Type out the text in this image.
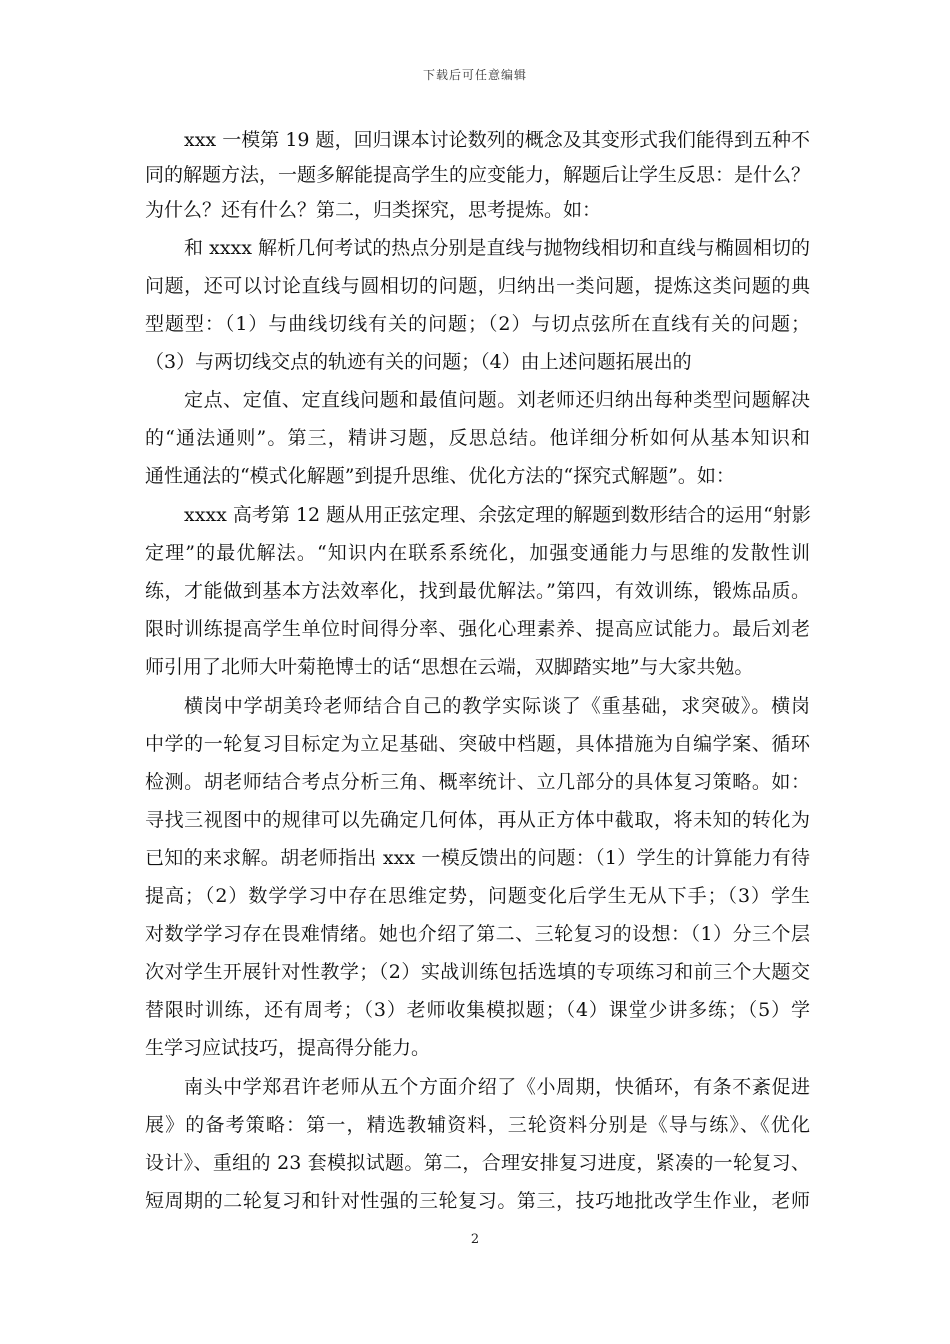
下载后可任意编辑
xxx 一模第 19 题，回归课本讨论数列的概念及其变形式我们能得到五种不
同的解题方法，一题多解能提高学生的应变能力，解题后让学生反思：是什么？
为什么？还有什么？第二，归类探究，思考提炼。如：
和 xxxx 解析几何考试的热点分别是直线与抛物线相切和直线与椭圆相切的
问题，还可以讨论直线与圆相切的问题，归纳出一类问题，提炼这类问题的典
型题型：（1）与曲线切线有关的问题；（2）与切点弦所在直线有关的问题；
（3）与两切线交点的轨迹有关的问题；（4）由上述问题拓展出的
定点、定值、定直线问题和最值问题。刘老师还归纳出每种类型问题解决
的“通法通则”。第三，精讲习题，反思总结。他详细分析如何从基本知识和
通性通法的“模式化解题”到提升思维、优化方法的“探究式解题”。如：
xxxx 高考第 12 题从用正弦定理、余弦定理的解题到数形结合的运用“射影
定理”的最优解法。“知识内在联系系统化，加强变通能力与思维的发散性训
练，才能做到基本方法效率化，找到最优解法。”第四，有效训练，锻炼品质。
限时训练提高学生单位时间得分率、强化心理素养、提高应试能力。最后刘老
师引用了北师大叶菊艳博士的话“思想在云端，双脚踏实地”与大家共勉。
横岗中学胡美玲老师结合自己的教学实际谈了《重基础，求突破》。横岗
中学的一轮复习目标定为立足基础、突破中档题，具体措施为自编学案、循环
检测。胡老师结合考点分析三角、概率统计、立几部分的具体复习策略。如：
寻找三视图中的规律可以先确定几何体，再从正方体中截取，将未知的转化为
已知的来求解。胡老师指出 xxx 一模反馈出的问题：（1）学生的计算能力有待
提高；（2）数学学习中存在思维定势，问题变化后学生无从下手；（3）学生
对数学学习存在畏难情绪。她也介绍了第二、三轮复习的设想：（1）分三个层
次对学生开展针对性教学；（2）实战训练包括选填的专项练习和前三个大题交
替限时训练，还有周考；（3）老师收集模拟题；（4）课堂少讲多练；（5）学
生学习应试技巧，提高得分能力。
南头中学郑君许老师从五个方面介绍了《小周期，快循环，有条不紊促进
展》的备考策略：第一，精选教辅资料，三轮资料分别是《导与练》、《优化
设计》、重组的 23 套模拟试题。第二，合理安排复习进度，紧凑的一轮复习、
短周期的二轮复习和针对性强的三轮复习。第三，技巧地批改学生作业，老师
2
